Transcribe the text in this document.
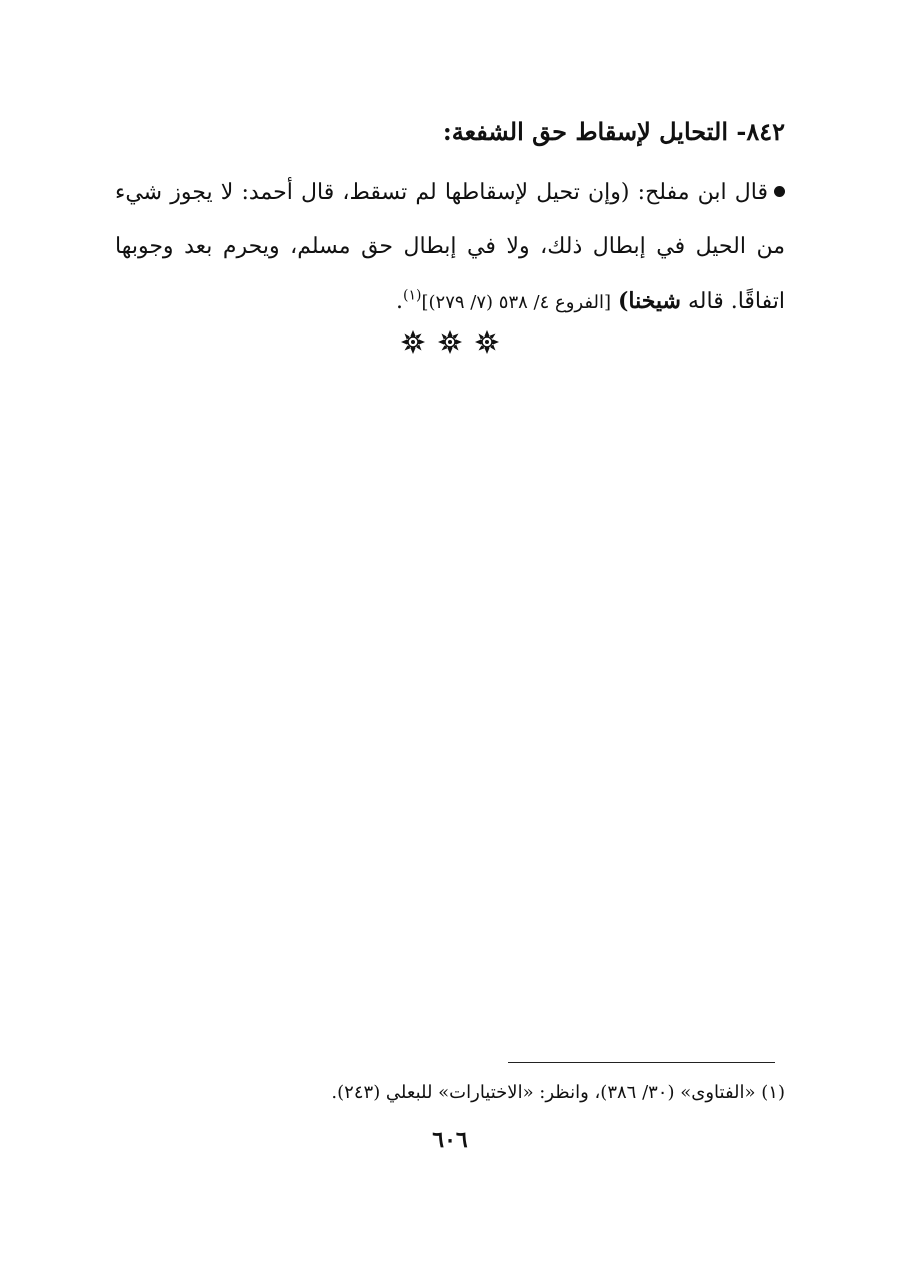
٨٤٢- التحايل لإسقاط حق الشفعة:
قال ابن مفلح: (وإن تحيل لإسقاطها لم تسقط، قال أحمد: لا يجوز شيء من الحيل في إبطال ذلك، ولا في إبطال حق مسلم، ويحرم بعد وجوبها اتفاقًا. قاله شيخنا) [الفروع ٤/ ٥٣٨ (٧/ ٢٧٩)]$^{(١)}$.
(١) «الفتاوى» (٣٠/ ٣٨٦)، وانظر: «الاختيارات» للبعلي (٢٤٣).
٦٠٦
